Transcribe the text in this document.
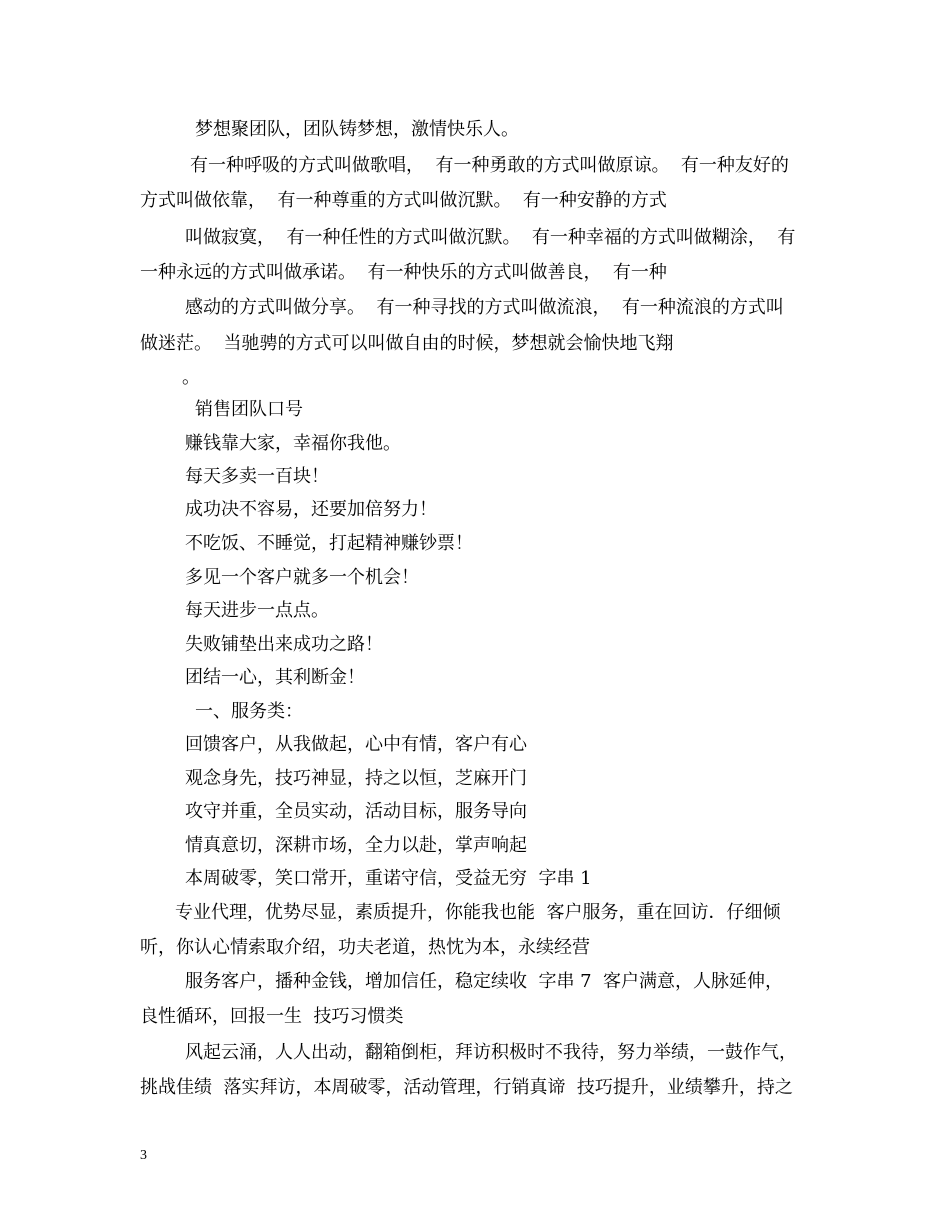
梦想聚团队，团队铸梦想，激情快乐人。
有一种呼吸的方式叫做歌唱，  有一种勇敢的方式叫做原谅。  有一种友好的
方式叫做依靠，  有一种尊重的方式叫做沉默。  有一种安静的方式
叫做寂寞，  有一种任性的方式叫做沉默。  有一种幸福的方式叫做糊涂，  有
一种永远的方式叫做承诺。  有一种快乐的方式叫做善良，  有一种
感动的方式叫做分享。  有一种寻找的方式叫做流浪，  有一种流浪的方式叫
做迷茫。  当驰骋的方式可以叫做自由的时候，梦想就会愉快地飞翔
。
销售团队口号
赚钱靠大家，幸福你我他。
每天多卖一百块！
成功决不容易，还要加倍努力！
不吃饭、不睡觉，打起精神赚钞票！
多见一个客户就多一个机会！
每天进步一点点。
失败铺垫出来成功之路！
团结一心，其利断金！
一、服务类：
回馈客户，从我做起，心中有情，客户有心
观念身先，技巧神显，持之以恒，芝麻开门
攻守并重，全员实动，活动目标，服务导向
情真意切，深耕市场，全力以赴，掌声响起
本周破零，笑口常开，重诺守信，受益无穷  字串 1
专业代理，优势尽显，素质提升，你能我也能  客户服务，重在回访．仔细倾
听，你认心情索取介绍，功夫老道，热忱为本，永续经营
服务客户，播种金钱，增加信任，稳定续收  字串 7  客户满意，人脉延伸，
良性循环，回报一生  技巧习惯类
风起云涌，人人出动，翻箱倒柜，拜访积极时不我待，努力举绩，一鼓作气，
挑战佳绩  落实拜访，本周破零，活动管理，行销真谛  技巧提升，业绩攀升，持之
3
